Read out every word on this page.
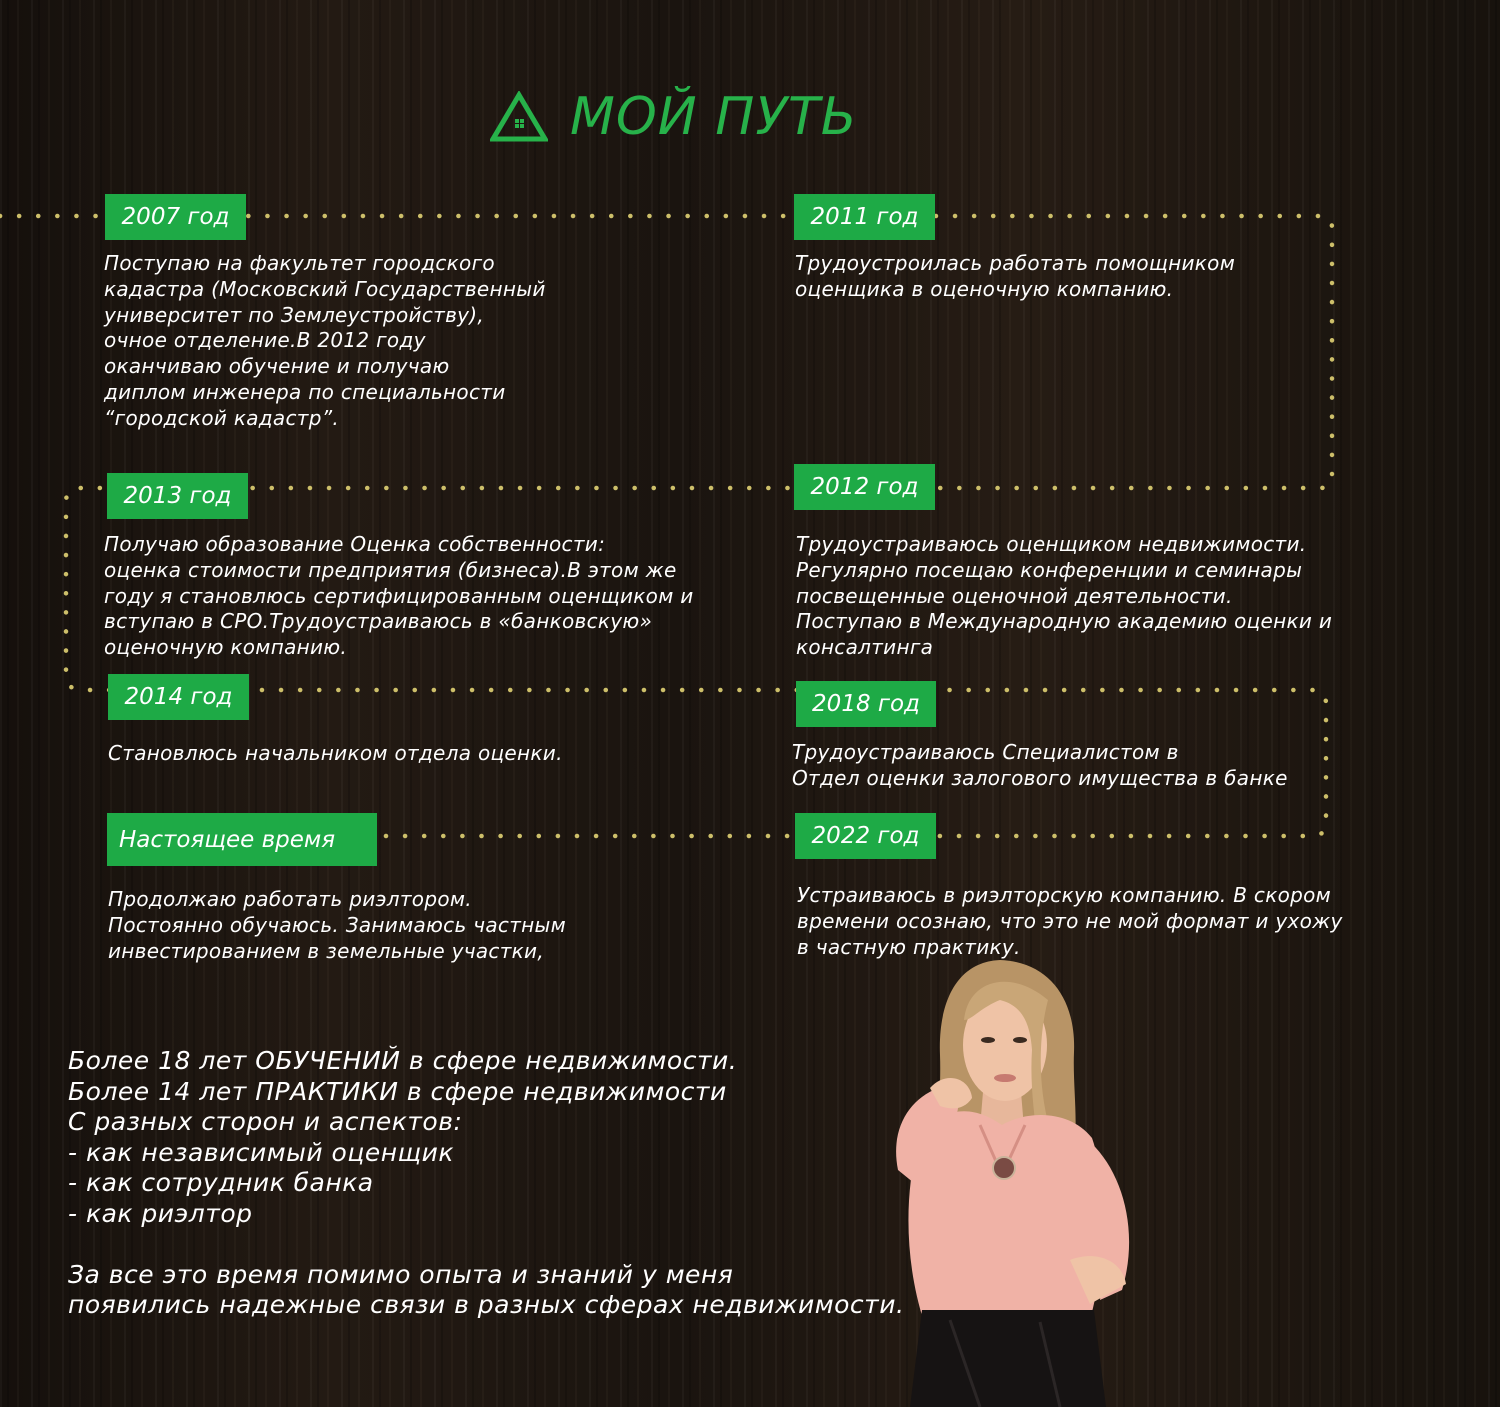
МОЙ ПУТЬ
2007 год	2011 год
2013 год	2012 год
2014 год	2018 год
Настоящее время	2022 год
Поступаю на факультет городского
кадастра (Московский Государственный
университет по Землеустройству),
очное отделение.В 2012 году
оканчиваю обучение и получаю
диплом инженера по специальности
“городской кадастр”.
Трудоустроилась работать помощником
оценщика в оценочную компанию.
Получаю образование Оценка собственности:
оценка стоимости предприятия (бизнеса).В этом же
году я становлюсь сертифицированным оценщиком и
вступаю в СРО.Трудоустраиваюсь в «банковскую»
оценочную компанию.
Трудоустраиваюсь оценщиком недвижимости.
Регулярно посещаю конференции и семинары
посвещенные оценочной деятельности.
Поступаю в Международную академию оценки и
консалтинга
Становлюсь начальником отдела оценки.	Трудоустраиваюсь Специалистом в
Отдел оценки залогового имущества в банке
Продолжаю работать риэлтором.
Постоянно обучаюсь. Занимаюсь частным
инвестированием в земельные участки,
Устраиваюсь в риэлторскую компанию. В скором
времени осознаю, что это не мой формат и ухожу
в частную практику.
Более 18 лет ОБУЧЕНИЙ в сфере недвижимости.
Более 14 лет ПРАКТИКИ в сфере недвижимости
С разных сторон и аспектов:
- как независимый оценщик
- как сотрудник банка
- как риэлтор
За все это время помимо опыта и знаний у меня
появились надежные связи в разных сферах недвижимости.
